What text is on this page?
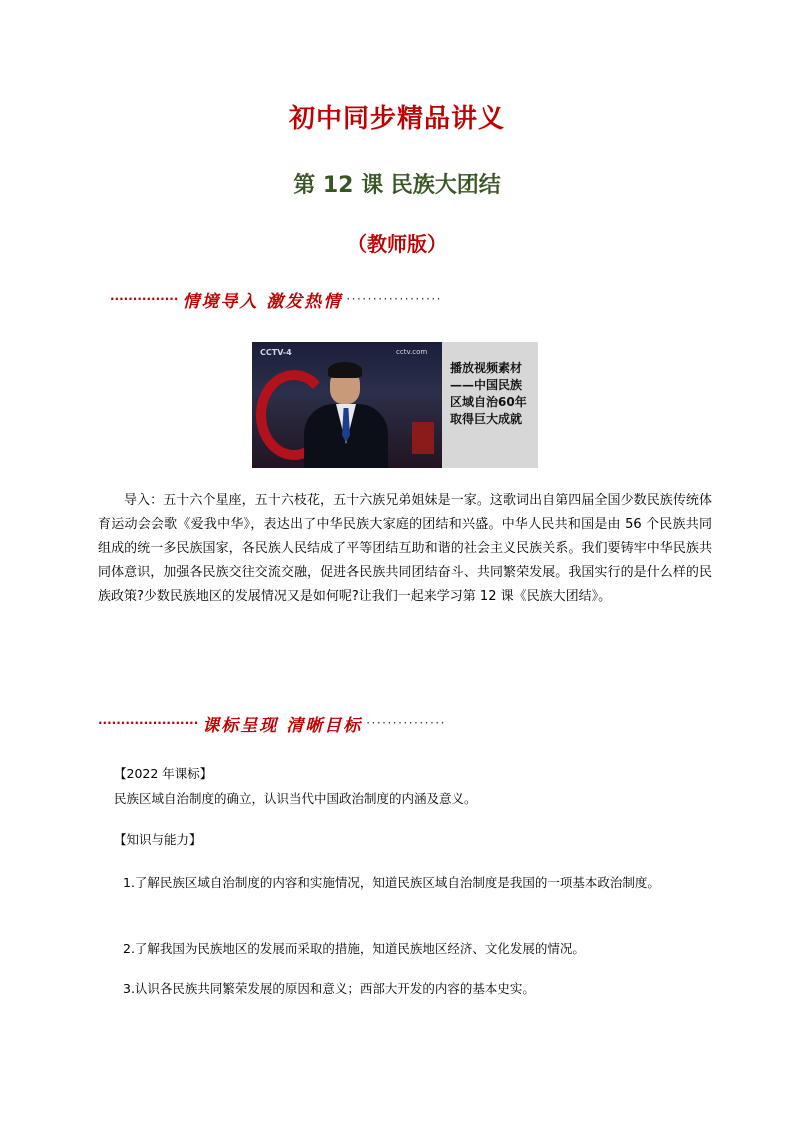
初中同步精品讲义
第 12 课 民族大团结
（教师版）
··············· 情境导入 激发热情 ··················
CCTV-4	cctv.com
播放视频素材——中国民族区域自治60年取得巨大成就
导入：五十六个星座，五十六枝花，五十六族兄弟姐妹是一家。这歌词出自第四届全国少数民族传统体育运动会会歌《爱我中华》，表达出了中华民族大家庭的团结和兴盛。中华人民共和国是由 56 个民族共同组成的统一多民族国家，各民族人民结成了平等团结互助和谐的社会主义民族关系。我们要铸牢中华民族共同体意识，加强各民族交往交流交融，促进各民族共同团结奋斗、共同繁荣发展。我国实行的是什么样的民族政策?少数民族地区的发展情况又是如何呢?让我们一起来学习第 12 课《民族大团结》。
······················ 课标呈现 清晰目标 ···············
【2022 年课标】
民族区域自治制度的确立，认识当代中国政治制度的内涵及意义。
【知识与能力】
1.了解民族区域自治制度的内容和实施情况，知道民族区域自治制度是我国的一项基本政治制度。
2.了解我国为民族地区的发展而采取的措施，知道民族地区经济、文化发展的情况。
3.认识各民族共同繁荣发展的原因和意义；西部大开发的内容的基本史实。
